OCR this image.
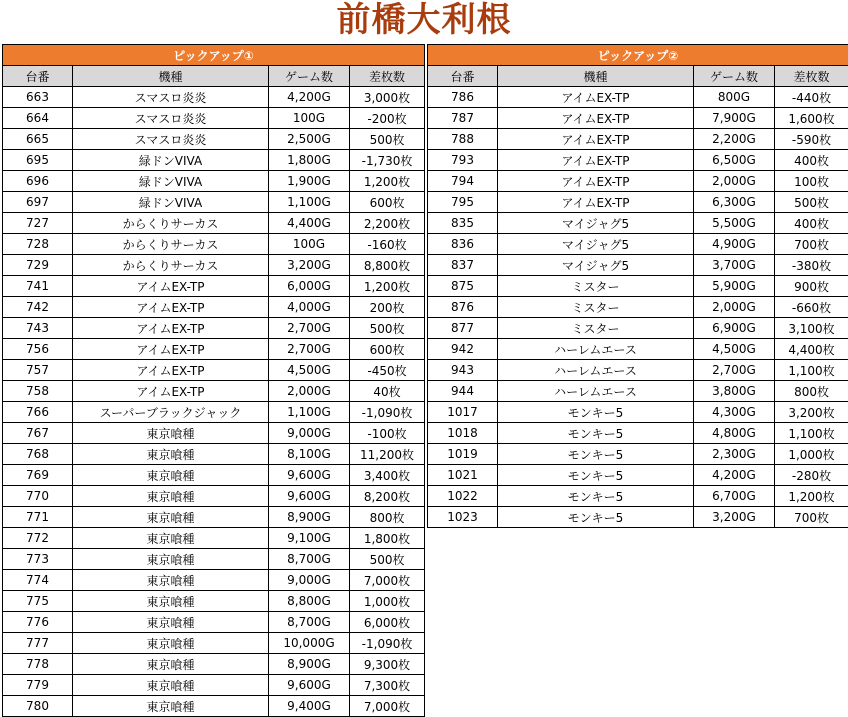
前橋大利根
ピックアップ①			
台番	機種	ゲーム数	差枚数
663	スマスロ炎炎	4,200G	3,000枚
664	スマスロ炎炎	100G	-200枚
665	スマスロ炎炎	2,500G	500枚
695	緑ドンVIVA	1,800G	-1,730枚
696	緑ドンVIVA	1,900G	1,200枚
697	緑ドンVIVA	1,100G	600枚
727	からくりサーカス	4,400G	2,200枚
728	からくりサーカス	100G	-160枚
729	からくりサーカス	3,200G	8,800枚
741	アイムEX-TP	6,000G	1,200枚
742	アイムEX-TP	4,000G	200枚
743	アイムEX-TP	2,700G	500枚
756	アイムEX-TP	2,700G	600枚
757	アイムEX-TP	4,500G	-450枚
758	アイムEX-TP	2,000G	40枚
766	スーパーブラックジャック	1,100G	-1,090枚
767	東京喰種	9,000G	-100枚
768	東京喰種	8,100G	11,200枚
769	東京喰種	9,600G	3,400枚
770	東京喰種	9,600G	8,200枚
771	東京喰種	8,900G	800枚
772	東京喰種	9,100G	1,800枚
773	東京喰種	8,700G	500枚
774	東京喰種	9,000G	7,000枚
775	東京喰種	8,800G	1,000枚
776	東京喰種	8,700G	6,000枚
777	東京喰種	10,000G	-1,090枚
778	東京喰種	8,900G	9,300枚
779	東京喰種	9,600G	7,300枚
780	東京喰種	9,400G	7,000枚
ピックアップ②			
台番	機種	ゲーム数	差枚数
786	アイムEX-TP	800G	-440枚
787	アイムEX-TP	7,900G	1,600枚
788	アイムEX-TP	2,200G	-590枚
793	アイムEX-TP	6,500G	400枚
794	アイムEX-TP	2,000G	100枚
795	アイムEX-TP	6,300G	500枚
835	マイジャグ5	5,500G	400枚
836	マイジャグ5	4,900G	700枚
837	マイジャグ5	3,700G	-380枚
875	ミスター	5,900G	900枚
876	ミスター	2,000G	-660枚
877	ミスター	6,900G	3,100枚
942	ハーレムエース	4,500G	4,400枚
943	ハーレムエース	2,700G	1,100枚
944	ハーレムエース	3,800G	800枚
1017	モンキー5	4,300G	3,200枚
1018	モンキー5	4,800G	1,100枚
1019	モンキー5	2,300G	1,000枚
1021	モンキー5	4,200G	-280枚
1022	モンキー5	6,700G	1,200枚
1023	モンキー5	3,200G	700枚
